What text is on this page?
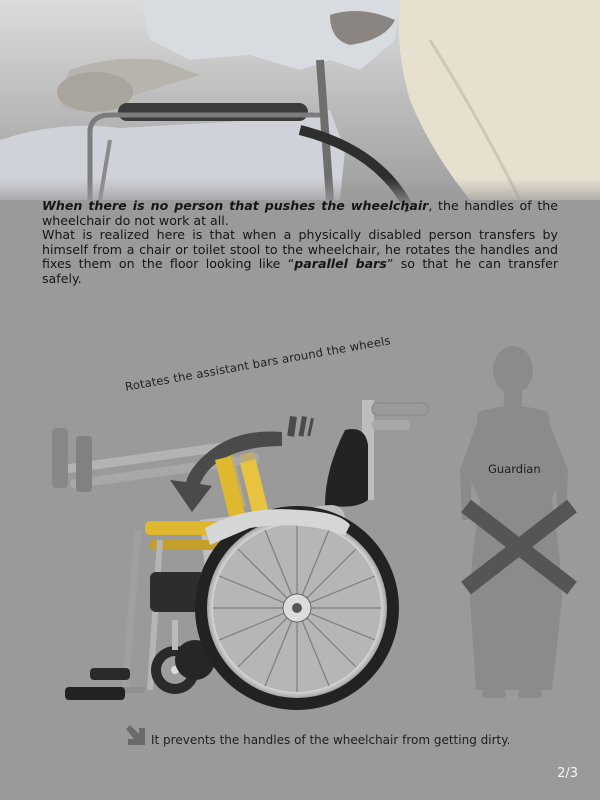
When there is no person that pushes the wheelchair, the handles of the wheelchair do not work at all.

What is realized here is that when a physically disabled person transfers by himself from a chair or toilet stool to the wheelchair, he rotates the handles and fixes them on the floor looking like “parallel bars” so that he can transfer safely.

Rotates the assistant bars around the wheels
Guardian
It prevents the handles of the wheelchair from getting dirty.
2/3
